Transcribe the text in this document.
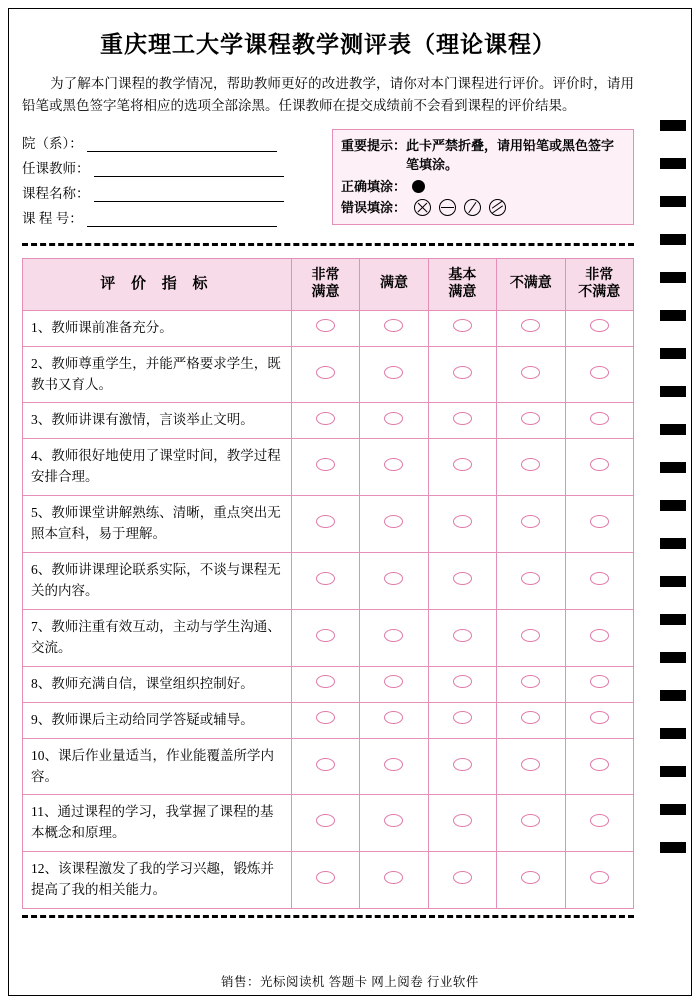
重庆理工大学课程教学测评表（理论课程）

为了解本门课程的教学情况，帮助教师更好的改进教学，请你对本门课程进行评价。评价时，请用铅笔或黑色签字笔将相应的选项全部涂黑。任课教师在提交成绩前不会看到课程的评价结果。

院（系）：
任课教师：
课程名称：
课 程 号：
重要提示： 此卡严禁折叠，请用铅笔或黑色签字笔填涂。
正确填涂：
错误填涂：
评 价 指 标	
非常
满意

满意

基本
满意

不满意

非常
不满意

1、教师课前准备充分。					
2、教师尊重学生，并能严格要求学生，既教书又育人。					
3、教师讲课有激情，言谈举止文明。					
4、教师很好地使用了课堂时间，教学过程安排合理。					
5、教师课堂讲解熟练、清晰，重点突出无照本宣科，易于理解。					
6、教师讲课理论联系实际，不谈与课程无关的内容。					
7、教师注重有效互动，主动与学生沟通、交流。					
8、教师充满自信，课堂组织控制好。					
9、教师课后主动给同学答疑或辅导。					
10、课后作业量适当，作业能覆盖所学内容。					
11、通过课程的学习，我掌握了课程的基本概念和原理。					
12、该课程激发了我的学习兴趣，锻炼并提高了我的相关能力。					
销售：光标阅读机 答题卡 网上阅卷 行业软件
